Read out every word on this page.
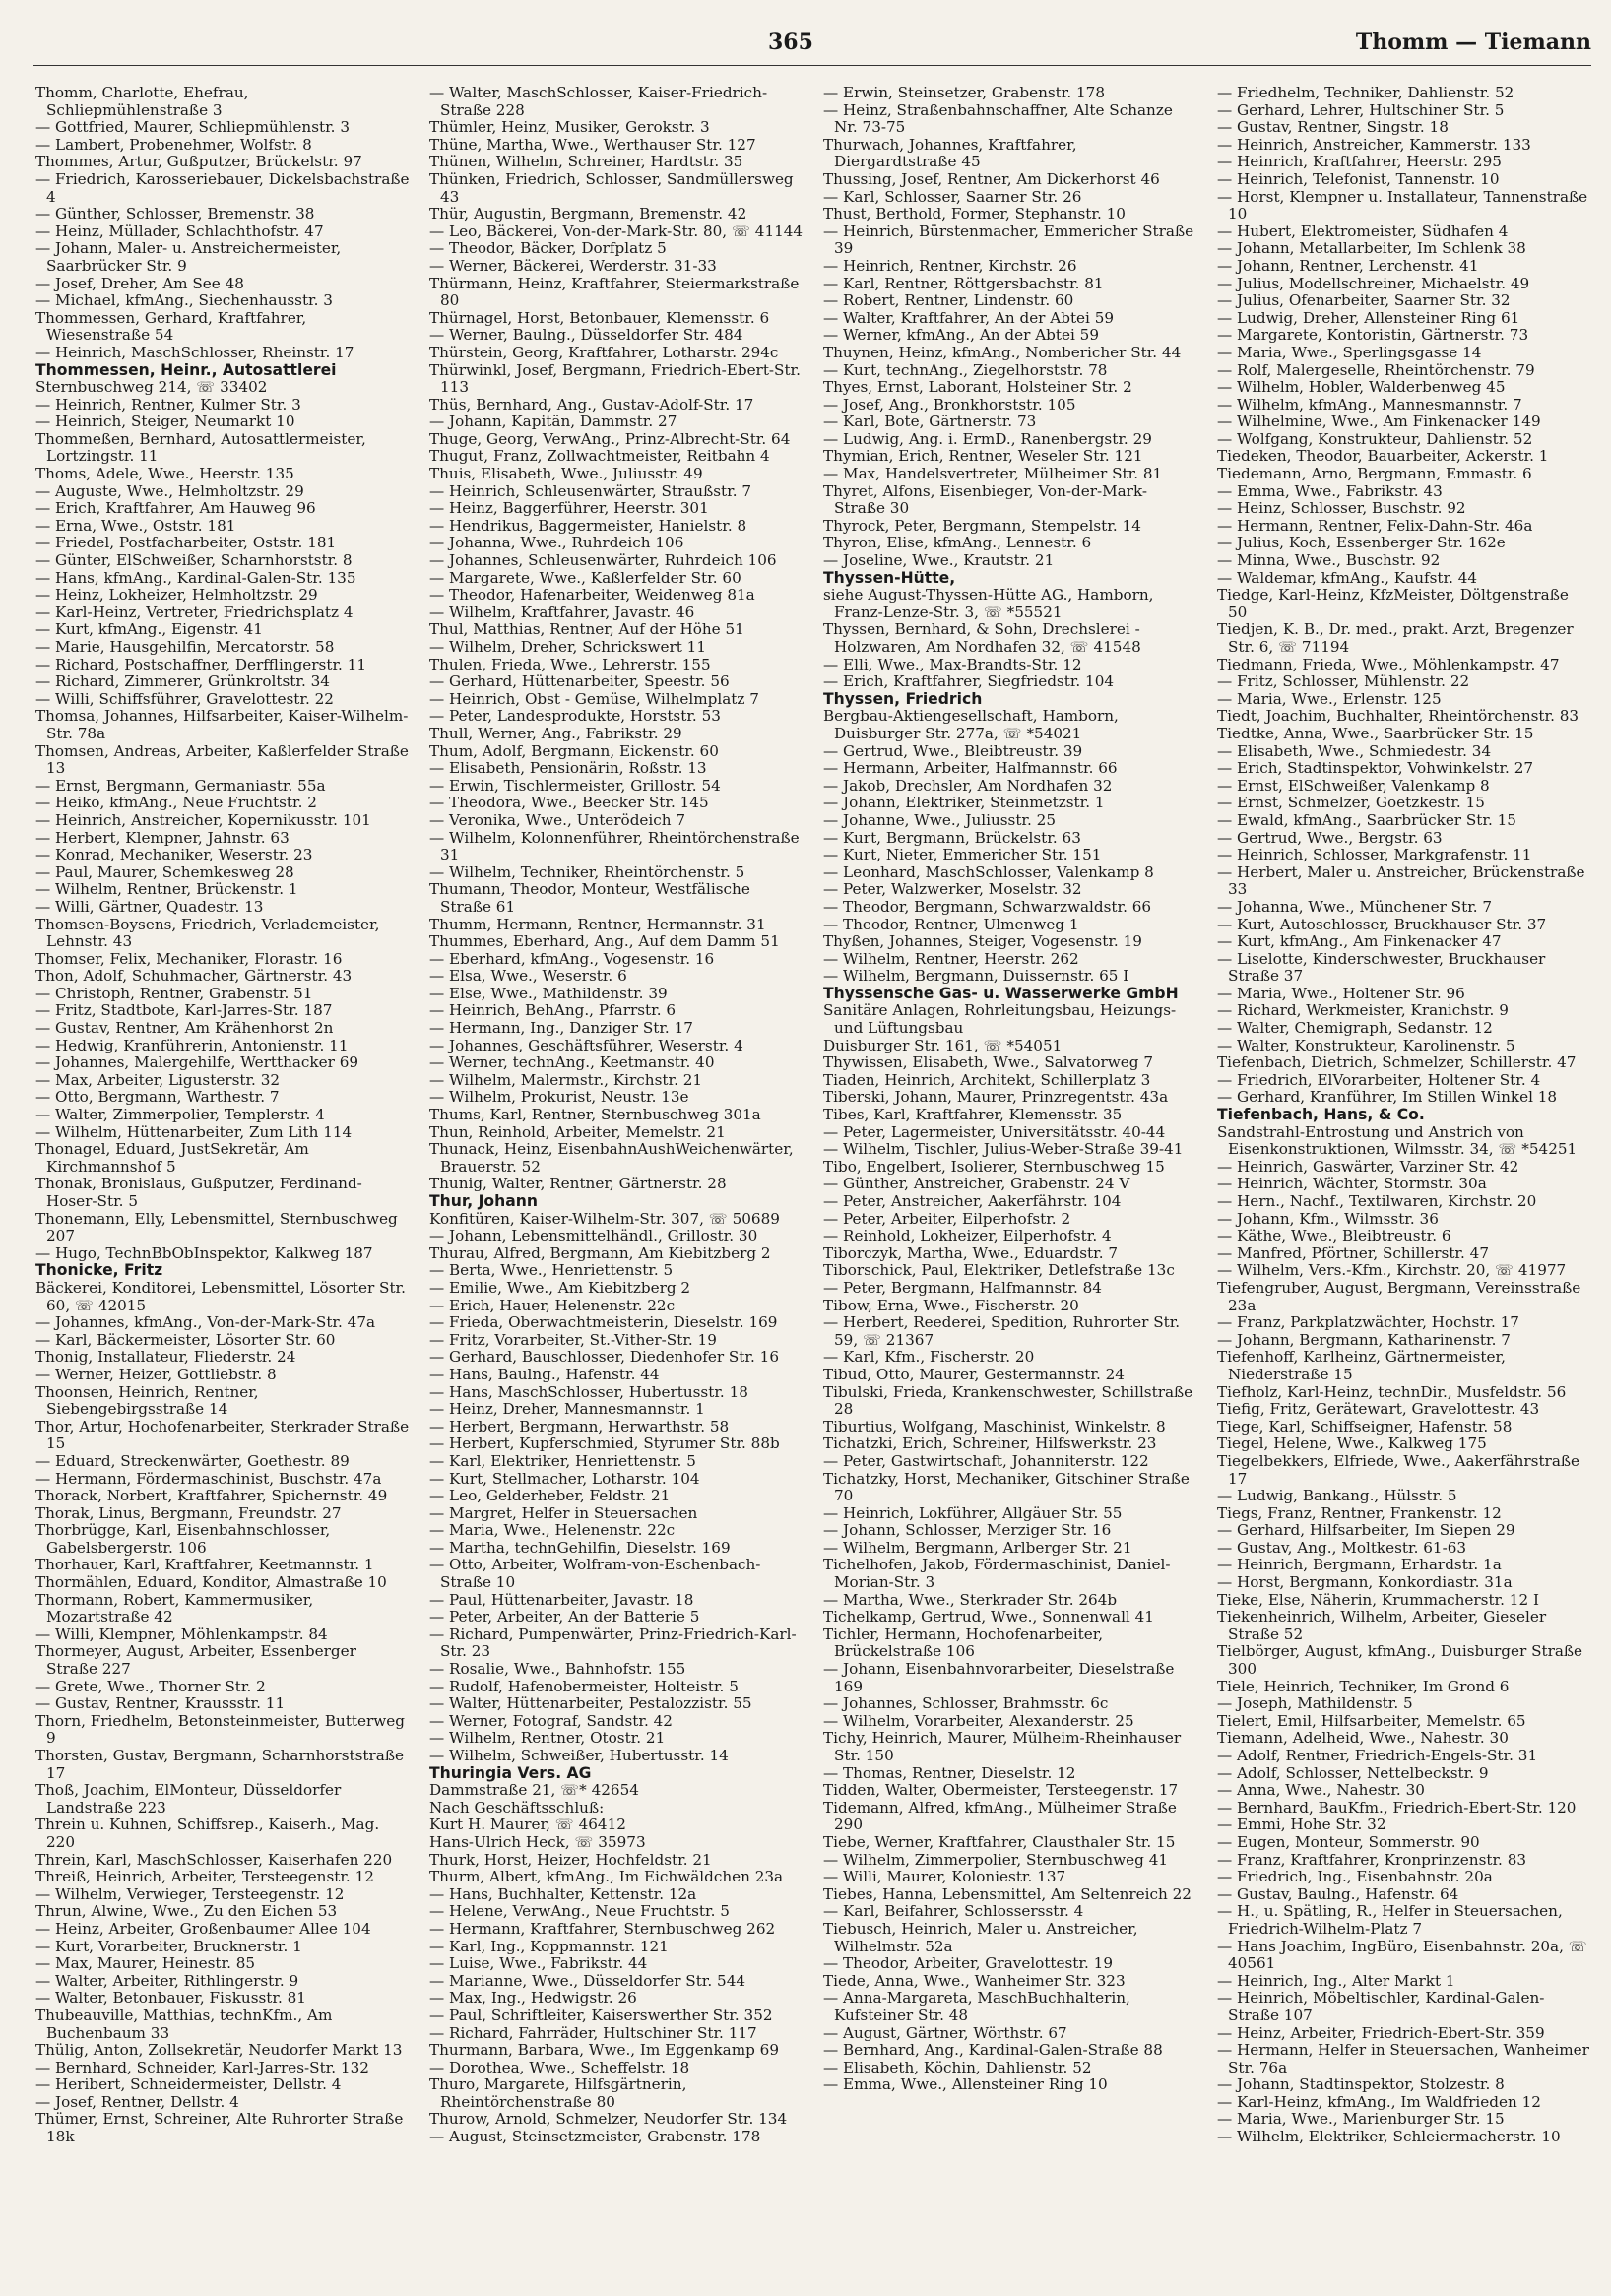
365	Thomm — Tiemann

Thomm, Charlotte, Ehefrau, Schliepmühlenstraße 3

— Gottfried, Maurer, Schliepmühlenstr. 3

— Lambert, Probenehmer, Wolfstr. 8

Thommes, Artur, Gußputzer, Brückelstr. 97

— Friedrich, Karosseriebauer, Dickelsbachstraße 4

— Günther, Schlosser, Bremenstr. 38

— Heinz, Müllader, Schlachthofstr. 47

— Johann, Maler- u. Anstreichermeister, Saarbrücker Str. 9

— Josef, Dreher, Am See 48

— Michael, kfmAng., Siechenhausstr. 3

Thommessen, Gerhard, Kraftfahrer, Wiesenstraße 54

— Heinrich, MaschSchlosser, Rheinstr. 17

Thommessen, Heinr., Autosattlerei

Sternbuschweg 214, ☏ 33402

— Heinrich, Rentner, Kulmer Str. 3

— Heinrich, Steiger, Neumarkt 10

Thommeßen, Bernhard, Autosattlermeister, Lortzingstr. 11

Thoms, Adele, Wwe., Heerstr. 135

— Auguste, Wwe., Helmholtzstr. 29

— Erich, Kraftfahrer, Am Hauweg 96

— Erna, Wwe., Oststr. 181

— Friedel, Postfacharbeiter, Oststr. 181

— Günter, ElSchweißer, Scharnhorststr. 8

— Hans, kfmAng., Kardinal-Galen-Str. 135

— Heinz, Lokheizer, Helmholtzstr. 29

— Karl-Heinz, Vertreter, Friedrichsplatz 4

— Kurt, kfmAng., Eigenstr. 41

— Marie, Hausgehilfin, Mercatorstr. 58

— Richard, Postschaffner, Derfflingerstr. 11

— Richard, Zimmerer, Grünkroltstr. 34

— Willi, Schiffsführer, Gravelottestr. 22

Thomsa, Johannes, Hilfsarbeiter, Kaiser-Wilhelm-Str. 78a

Thomsen, Andreas, Arbeiter, Kaßlerfelder Straße 13

— Ernst, Bergmann, Germaniastr. 55a

— Heiko, kfmAng., Neue Fruchtstr. 2

— Heinrich, Anstreicher, Kopernikusstr. 101

— Herbert, Klempner, Jahnstr. 63

— Konrad, Mechaniker, Weserstr. 23

— Paul, Maurer, Schemkesweg 28

— Wilhelm, Rentner, Brückenstr. 1

— Willi, Gärtner, Quadestr. 13

Thomsen-Boysens, Friedrich, Verlademeister, Lehnstr. 43

Thomser, Felix, Mechaniker, Florastr. 16

Thon, Adolf, Schuhmacher, Gärtnerstr. 43

— Christoph, Rentner, Grabenstr. 51

— Fritz, Stadtbote, Karl-Jarres-Str. 187

— Gustav, Rentner, Am Krähenhorst 2n

— Hedwig, Kranführerin, Antonienstr. 11

— Johannes, Malergehilfe, Wertthacker 69

— Max, Arbeiter, Ligusterstr. 32

— Otto, Bergmann, Warthestr. 7

— Walter, Zimmerpolier, Templerstr. 4

— Wilhelm, Hüttenarbeiter, Zum Lith 114

Thonagel, Eduard, JustSekretär, Am Kirchmannshof 5

Thonak, Bronislaus, Gußputzer, Ferdinand-Hoser-Str. 5

Thonemann, Elly, Lebensmittel, Sternbuschweg 207

— Hugo, TechnBbObInspektor, Kalkweg 187

Thonicke, Fritz

Bäckerei, Konditorei, Lebensmittel, Lösorter Str. 60, ☏ 42015

— Johannes, kfmAng., Von-der-Mark-Str. 47a

— Karl, Bäckermeister, Lösorter Str. 60

Thonig, Installateur, Fliederstr. 24

— Werner, Heizer, Gottliebstr. 8

Thoonsen, Heinrich, Rentner, Siebengebirgsstraße 14

Thor, Artur, Hochofenarbeiter, Sterkrader Straße 15

— Eduard, Streckenwärter, Goethestr. 89

— Hermann, Fördermaschinist, Buschstr. 47a

Thorack, Norbert, Kraftfahrer, Spichernstr. 49

Thorak, Linus, Bergmann, Freundstr. 27

Thorbrügge, Karl, Eisenbahnschlosser, Gabelsbergerstr. 106

Thorhauer, Karl, Kraftfahrer, Keetmannstr. 1

Thormählen, Eduard, Konditor, Almastraße 10

Thormann, Robert, Kammermusiker, Mozartstraße 42

— Willi, Klempner, Möhlenkampstr. 84

Thormeyer, August, Arbeiter, Essenberger Straße 227

— Grete, Wwe., Thorner Str. 2

— Gustav, Rentner, Kraussstr. 11

Thorn, Friedhelm, Betonsteinmeister, Butterweg 9

Thorsten, Gustav, Bergmann, Scharnhorststraße 17

Thoß, Joachim, ElMonteur, Düsseldorfer Landstraße 223

Threin u. Kuhnen, Schiffsrep., Kaiserh., Mag. 220

Threin, Karl, MaschSchlosser, Kaiserhafen 220

Threiß, Heinrich, Arbeiter, Tersteegenstr. 12

— Wilhelm, Verwieger, Tersteegenstr. 12

Thrun, Alwine, Wwe., Zu den Eichen 53

— Heinz, Arbeiter, Großenbaumer Allee 104

— Kurt, Vorarbeiter, Brucknerstr. 1

— Max, Maurer, Heinestr. 85

— Walter, Arbeiter, Rithlingerstr. 9

— Walter, Betonbauer, Fiskusstr. 81

Thubeauville, Matthias, technKfm., Am Buchenbaum 33

Thülig, Anton, Zollsekretär, Neudorfer Markt 13

— Bernhard, Schneider, Karl-Jarres-Str. 132

— Heribert, Schneidermeister, Dellstr. 4

— Josef, Rentner, Dellstr. 4

Thümer, Ernst, Schreiner, Alte Ruhrorter Straße 18k

— Walter, MaschSchlosser, Kaiser-Friedrich-Straße 228

Thümler, Heinz, Musiker, Gerokstr. 3

Thüne, Martha, Wwe., Werthauser Str. 127

Thünen, Wilhelm, Schreiner, Hardtstr. 35

Thünken, Friedrich, Schlosser, Sandmüllersweg 43

Thür, Augustin, Bergmann, Bremenstr. 42

— Leo, Bäckerei, Von-der-Mark-Str. 80, ☏ 41144

— Theodor, Bäcker, Dorfplatz 5

— Werner, Bäckerei, Werderstr. 31-33

Thürmann, Heinz, Kraftfahrer, Steiermarkstraße 80

Thürnagel, Horst, Betonbauer, Klemensstr. 6

— Werner, Baulng., Düsseldorfer Str. 484

Thürstein, Georg, Kraftfahrer, Lotharstr. 294c

Thürwinkl, Josef, Bergmann, Friedrich-Ebert-Str. 113

Thüs, Bernhard, Ang., Gustav-Adolf-Str. 17

— Johann, Kapitän, Dammstr. 27

Thuge, Georg, VerwAng., Prinz-Albrecht-Str. 64

Thugut, Franz, Zollwachtmeister, Reitbahn 4

Thuis, Elisabeth, Wwe., Juliusstr. 49

— Heinrich, Schleusenwärter, Straußstr. 7

— Heinz, Baggerführer, Heerstr. 301

— Hendrikus, Baggermeister, Hanielstr. 8

— Johanna, Wwe., Ruhrdeich 106

— Johannes, Schleusenwärter, Ruhrdeich 106

— Margarete, Wwe., Kaßlerfelder Str. 60

— Theodor, Hafenarbeiter, Weidenweg 81a

— Wilhelm, Kraftfahrer, Javastr. 46

Thul, Matthias, Rentner, Auf der Höhe 51

— Wilhelm, Dreher, Schrickswert 11

Thulen, Frieda, Wwe., Lehrerstr. 155

— Gerhard, Hüttenarbeiter, Speestr. 56

— Heinrich, Obst - Gemüse, Wilhelmplatz 7

— Peter, Landesprodukte, Horststr. 53

Thull, Werner, Ang., Fabrikstr. 29

Thum, Adolf, Bergmann, Eickenstr. 60

— Elisabeth, Pensionärin, Roßstr. 13

— Erwin, Tischlermeister, Grillostr. 54

— Theodora, Wwe., Beecker Str. 145

— Veronika, Wwe., Unterödeich 7

— Wilhelm, Kolonnenführer, Rheintörchenstraße 31

— Wilhelm, Techniker, Rheintörchenstr. 5

Thumann, Theodor, Monteur, Westfälische Straße 61

Thumm, Hermann, Rentner, Hermannstr. 31

Thummes, Eberhard, Ang., Auf dem Damm 51

— Eberhard, kfmAng., Vogesenstr. 16

— Elsa, Wwe., Weserstr. 6

— Else, Wwe., Mathildenstr. 39

— Heinrich, BehAng., Pfarrstr. 6

— Hermann, Ing., Danziger Str. 17

— Johannes, Geschäftsführer, Weserstr. 4

— Werner, technAng., Keetmanstr. 40

— Wilhelm, Malermstr., Kirchstr. 21

— Wilhelm, Prokurist, Neustr. 13e

Thums, Karl, Rentner, Sternbuschweg 301a

Thun, Reinhold, Arbeiter, Memelstr. 21

Thunack, Heinz, EisenbahnAushWeichenwärter, Brauerstr. 52

Thunig, Walter, Rentner, Gärtnerstr. 28

Thur, Johann

Konfitüren, Kaiser-Wilhelm-Str. 307, ☏ 50689

— Johann, Lebensmittelhändl., Grillostr. 30

Thurau, Alfred, Bergmann, Am Kiebitzberg 2

— Berta, Wwe., Henriettenstr. 5

— Emilie, Wwe., Am Kiebitzberg 2

— Erich, Hauer, Helenenstr. 22c

— Frieda, Oberwachtmeisterin, Dieselstr. 169

— Fritz, Vorarbeiter, St.-Vither-Str. 19

— Gerhard, Bauschlosser, Diedenhofer Str. 16

— Hans, Baulng., Hafenstr. 44

— Hans, MaschSchlosser, Hubertusstr. 18

— Heinz, Dreher, Mannesmannstr. 1

— Herbert, Bergmann, Herwarthstr. 58

— Herbert, Kupferschmied, Styrumer Str. 88b

— Karl, Elektriker, Henriettenstr. 5

— Kurt, Stellmacher, Lotharstr. 104

— Leo, Gelderheber, Feldstr. 21

— Margret, Helfer in Steuersachen

— Maria, Wwe., Helenenstr. 22c

— Martha, technGehilfin, Dieselstr. 169

— Otto, Arbeiter, Wolfram-von-Eschenbach-Straße 10

— Paul, Hüttenarbeiter, Javastr. 18

— Peter, Arbeiter, An der Batterie 5

— Richard, Pumpenwärter, Prinz-Friedrich-Karl-Str. 23

— Rosalie, Wwe., Bahnhofstr. 155

— Rudolf, Hafenobermeister, Holteistr. 5

— Walter, Hüttenarbeiter, Pestalozzistr. 55

— Werner, Fotograf, Sandstr. 42

— Wilhelm, Rentner, Otostr. 21

— Wilhelm, Schweißer, Hubertusstr. 14

Thuringia Vers. AG

Dammstraße 21, ☏* 42654

Nach Geschäftsschluß:

Kurt H. Maurer, ☏ 46412

Hans-Ulrich Heck, ☏ 35973

Thurk, Horst, Heizer, Hochfeldstr. 21

Thurm, Albert, kfmAng., Im Eichwäldchen 23a

— Hans, Buchhalter, Kettenstr. 12a

— Helene, VerwAng., Neue Fruchtstr. 5

— Hermann, Kraftfahrer, Sternbuschweg 262

— Karl, Ing., Koppmannstr. 121

— Luise, Wwe., Fabrikstr. 44

— Marianne, Wwe., Düsseldorfer Str. 544

— Max, Ing., Hedwigstr. 26

— Paul, Schriftleiter, Kaiserswerther Str. 352

— Richard, Fahrräder, Hultschiner Str. 117

Thurmann, Barbara, Wwe., Im Eggenkamp 69

— Dorothea, Wwe., Scheffelstr. 18

Thuro, Margarete, Hilfsgärtnerin, Rheintörchenstraße 80

Thurow, Arnold, Schmelzer, Neudorfer Str. 134

— August, Steinsetzmeister, Grabenstr. 178

— Erwin, Steinsetzer, Grabenstr. 178

— Heinz, Straßenbahnschaffner, Alte Schanze Nr. 73-75

Thurwach, Johannes, Kraftfahrer, Diergardtstraße 45

Thussing, Josef, Rentner, Am Dickerhorst 46

— Karl, Schlosser, Saarner Str. 26

Thust, Berthold, Former, Stephanstr. 10

— Heinrich, Bürstenmacher, Emmericher Straße 39

— Heinrich, Rentner, Kirchstr. 26

— Karl, Rentner, Röttgersbachstr. 81

— Robert, Rentner, Lindenstr. 60

— Walter, Kraftfahrer, An der Abtei 59

— Werner, kfmAng., An der Abtei 59

Thuynen, Heinz, kfmAng., Nombericher Str. 44

— Kurt, technAng., Ziegelhorststr. 78

Thyes, Ernst, Laborant, Holsteiner Str. 2

— Josef, Ang., Bronkhorststr. 105

— Karl, Bote, Gärtnerstr. 73

— Ludwig, Ang. i. ErmD., Ranenbergstr. 29

Thymian, Erich, Rentner, Weseler Str. 121

— Max, Handelsvertreter, Mülheimer Str. 81

Thyret, Alfons, Eisenbieger, Von-der-Mark-Straße 30

Thyrock, Peter, Bergmann, Stempelstr. 14

Thyron, Elise, kfmAng., Lennestr. 6

— Joseline, Wwe., Krautstr. 21

Thyssen-Hütte,

siehe August-Thyssen-Hütte AG., Hamborn, Franz-Lenze-Str. 3, ☏ *55521

Thyssen, Bernhard, & Sohn, Drechslerei -Holzwaren, Am Nordhafen 32, ☏ 41548

— Elli, Wwe., Max-Brandts-Str. 12

— Erich, Kraftfahrer, Siegfriedstr. 104

Thyssen, Friedrich

Bergbau-Aktiengesellschaft, Hamborn, Duisburger Str. 277a, ☏ *54021

— Gertrud, Wwe., Bleibtreustr. 39

— Hermann, Arbeiter, Halfmannstr. 66

— Jakob, Drechsler, Am Nordhafen 32

— Johann, Elektriker, Steinmetzstr. 1

— Johanne, Wwe., Juliusstr. 25

— Kurt, Bergmann, Brückelstr. 63

— Kurt, Nieter, Emmericher Str. 151

— Leonhard, MaschSchlosser, Valenkamp 8

— Peter, Walzwerker, Moselstr. 32

— Theodor, Bergmann, Schwarzwaldstr. 66

— Theodor, Rentner, Ulmenweg 1

Thyßen, Johannes, Steiger, Vogesenstr. 19

— Wilhelm, Rentner, Heerstr. 262

— Wilhelm, Bergmann, Duissernstr. 65 I

Thyssensche Gas- u. Wasserwerke GmbH

Sanitäre Anlagen, Rohrleitungsbau, Heizungs- und Lüftungsbau

Duisburger Str. 161, ☏ *54051

Thywissen, Elisabeth, Wwe., Salvatorweg 7

Tiaden, Heinrich, Architekt, Schillerplatz 3

Tiberski, Johann, Maurer, Prinzregentstr. 43a

Tibes, Karl, Kraftfahrer, Klemensstr. 35

— Peter, Lagermeister, Universitätsstr. 40-44

— Wilhelm, Tischler, Julius-Weber-Straße 39-41

Tibo, Engelbert, Isolierer, Sternbuschweg 15

— Günther, Anstreicher, Grabenstr. 24 V

— Peter, Anstreicher, Aakerfährstr. 104

— Peter, Arbeiter, Eilperhofstr. 2

— Reinhold, Lokheizer, Eilperhofstr. 4

Tiborczyk, Martha, Wwe., Eduardstr. 7

Tiborschick, Paul, Elektriker, Detlefstraße 13c

— Peter, Bergmann, Halfmannstr. 84

Tibow, Erna, Wwe., Fischerstr. 20

— Herbert, Reederei, Spedition, Ruhrorter Str. 59, ☏ 21367

— Karl, Kfm., Fischerstr. 20

Tibud, Otto, Maurer, Gestermannstr. 24

Tibulski, Frieda, Krankenschwester, Schillstraße 28

Tiburtius, Wolfgang, Maschinist, Winkelstr. 8

Tichatzki, Erich, Schreiner, Hilfswerkstr. 23

— Peter, Gastwirtschaft, Johanniterstr. 122

Tichatzky, Horst, Mechaniker, Gitschiner Straße 70

— Heinrich, Lokführer, Allgäuer Str. 55

— Johann, Schlosser, Merziger Str. 16

— Wilhelm, Bergmann, Arlberger Str. 21

Tichelhofen, Jakob, Fördermaschinist, Daniel-Morian-Str. 3

— Martha, Wwe., Sterkrader Str. 264b

Tichelkamp, Gertrud, Wwe., Sonnenwall 41

Tichler, Hermann, Hochofenarbeiter, Brückelstraße 106

— Johann, Eisenbahnvorarbeiter, Dieselstraße 169

— Johannes, Schlosser, Brahmsstr. 6c

— Wilhelm, Vorarbeiter, Alexanderstr. 25

Tichy, Heinrich, Maurer, Mülheim-Rheinhauser Str. 150

— Thomas, Rentner, Dieselstr. 12

Tidden, Walter, Obermeister, Tersteegenstr. 17

Tidemann, Alfred, kfmAng., Mülheimer Straße 290

Tiebe, Werner, Kraftfahrer, Clausthaler Str. 15

— Wilhelm, Zimmerpolier, Sternbuschweg 41

— Willi, Maurer, Koloniestr. 137

Tiebes, Hanna, Lebensmittel, Am Seltenreich 22

— Karl, Beifahrer, Schlossersstr. 4

Tiebusch, Heinrich, Maler u. Anstreicher, Wilhelmstr. 52a

— Theodor, Arbeiter, Gravelottestr. 19

Tiede, Anna, Wwe., Wanheimer Str. 323

— Anna-Margareta, MaschBuchhalterin, Kufsteiner Str. 48

— August, Gärtner, Wörthstr. 67

— Bernhard, Ang., Kardinal-Galen-Straße 88

— Elisabeth, Köchin, Dahlienstr. 52

— Emma, Wwe., Allensteiner Ring 10

— Friedhelm, Techniker, Dahlienstr. 52

— Gerhard, Lehrer, Hultschiner Str. 5

— Gustav, Rentner, Singstr. 18

— Heinrich, Anstreicher, Kammerstr. 133

— Heinrich, Kraftfahrer, Heerstr. 295

— Heinrich, Telefonist, Tannenstr. 10

— Horst, Klempner u. Installateur, Tannenstraße 10

— Hubert, Elektromeister, Südhafen 4

— Johann, Metallarbeiter, Im Schlenk 38

— Johann, Rentner, Lerchenstr. 41

— Julius, Modellschreiner, Michaelstr. 49

— Julius, Ofenarbeiter, Saarner Str. 32

— Ludwig, Dreher, Allensteiner Ring 61

— Margarete, Kontoristin, Gärtnerstr. 73

— Maria, Wwe., Sperlingsgasse 14

— Rolf, Malergeselle, Rheintörchenstr. 79

— Wilhelm, Hobler, Walderbenweg 45

— Wilhelm, kfmAng., Mannesmannstr. 7

— Wilhelmine, Wwe., Am Finkenacker 149

— Wolfgang, Konstrukteur, Dahlienstr. 52

Tiedeken, Theodor, Bauarbeiter, Ackerstr. 1

Tiedemann, Arno, Bergmann, Emmastr. 6

— Emma, Wwe., Fabrikstr. 43

— Heinz, Schlosser, Buschstr. 92

— Hermann, Rentner, Felix-Dahn-Str. 46a

— Julius, Koch, Essenberger Str. 162e

— Minna, Wwe., Buschstr. 92

— Waldemar, kfmAng., Kaufstr. 44

Tiedge, Karl-Heinz, KfzMeister, Döltgenstraße 50

Tiedjen, K. B., Dr. med., prakt. Arzt, Bregenzer Str. 6, ☏ 71194

Tiedmann, Frieda, Wwe., Möhlenkampstr. 47

— Fritz, Schlosser, Mühlenstr. 22

— Maria, Wwe., Erlenstr. 125

Tiedt, Joachim, Buchhalter, Rheintörchenstr. 83

Tiedtke, Anna, Wwe., Saarbrücker Str. 15

— Elisabeth, Wwe., Schmiedestr. 34

— Erich, Stadtinspektor, Vohwinkelstr. 27

— Ernst, ElSchweißer, Valenkamp 8

— Ernst, Schmelzer, Goetzkestr. 15

— Ewald, kfmAng., Saarbrücker Str. 15

— Gertrud, Wwe., Bergstr. 63

— Heinrich, Schlosser, Markgrafenstr. 11

— Herbert, Maler u. Anstreicher, Brückenstraße 33

— Johanna, Wwe., Münchener Str. 7

— Kurt, Autoschlosser, Bruckhauser Str. 37

— Kurt, kfmAng., Am Finkenacker 47

— Liselotte, Kinderschwester, Bruckhauser Straße 37

— Maria, Wwe., Holtener Str. 96

— Richard, Werkmeister, Kranichstr. 9

— Walter, Chemigraph, Sedanstr. 12

— Walter, Konstrukteur, Karolinenstr. 5

Tiefenbach, Dietrich, Schmelzer, Schillerstr. 47

— Friedrich, ElVorarbeiter, Holtener Str. 4

— Gerhard, Kranführer, Im Stillen Winkel 18

Tiefenbach, Hans, & Co.

Sandstrahl-Entrostung und Anstrich von Eisenkonstruktionen, Wilmsstr. 34, ☏ *54251

— Heinrich, Gaswärter, Varziner Str. 42

— Heinrich, Wächter, Stormstr. 30a

— Hern., Nachf., Textilwaren, Kirchstr. 20

— Johann, Kfm., Wilmsstr. 36

— Käthe, Wwe., Bleibtreustr. 6

— Manfred, Pförtner, Schillerstr. 47

— Wilhelm, Vers.-Kfm., Kirchstr. 20, ☏ 41977

Tiefengruber, August, Bergmann, Vereinsstraße 23a

— Franz, Parkplatzwächter, Hochstr. 17

— Johann, Bergmann, Katharinenstr. 7

Tiefenhoff, Karlheinz, Gärtnermeister, Niederstraße 15

Tiefholz, Karl-Heinz, technDir., Musfeldstr. 56

Tiefig, Fritz, Gerätewart, Gravelottestr. 43

Tiege, Karl, Schiffseigner, Hafenstr. 58

Tiegel, Helene, Wwe., Kalkweg 175

Tiegelbekkers, Elfriede, Wwe., Aakerfährstraße 17

— Ludwig, Bankang., Hülsstr. 5

Tiegs, Franz, Rentner, Frankenstr. 12

— Gerhard, Hilfsarbeiter, Im Siepen 29

— Gustav, Ang., Moltkestr. 61-63

— Heinrich, Bergmann, Erhardstr. 1a

— Horst, Bergmann, Konkordiastr. 31a

Tieke, Else, Näherin, Krummacherstr. 12 I

Tiekenheinrich, Wilhelm, Arbeiter, Gieseler Straße 52

Tielbörger, August, kfmAng., Duisburger Straße 300

Tiele, Heinrich, Techniker, Im Grond 6

— Joseph, Mathildenstr. 5

Tielert, Emil, Hilfsarbeiter, Memelstr. 65

Tiemann, Adelheid, Wwe., Nahestr. 30

— Adolf, Rentner, Friedrich-Engels-Str. 31

— Adolf, Schlosser, Nettelbeckstr. 9

— Anna, Wwe., Nahestr. 30

— Bernhard, BauKfm., Friedrich-Ebert-Str. 120

— Emmi, Hohe Str. 32

— Eugen, Monteur, Sommerstr. 90

— Franz, Kraftfahrer, Kronprinzenstr. 83

— Friedrich, Ing., Eisenbahnstr. 20a

— Gustav, Baulng., Hafenstr. 64

— H., u. Spätling, R., Helfer in Steuersachen, Friedrich-Wilhelm-Platz 7

— Hans Joachim, IngBüro, Eisenbahnstr. 20a, ☏ 40561

— Heinrich, Ing., Alter Markt 1

— Heinrich, Möbeltischler, Kardinal-Galen-Straße 107

— Heinz, Arbeiter, Friedrich-Ebert-Str. 359

— Hermann, Helfer in Steuersachen, Wanheimer Str. 76a

— Johann, Stadtinspektor, Stolzestr. 8

— Karl-Heinz, kfmAng., Im Waldfrieden 12

— Maria, Wwe., Marienburger Str. 15

— Wilhelm, Elektriker, Schleiermacherstr. 10
